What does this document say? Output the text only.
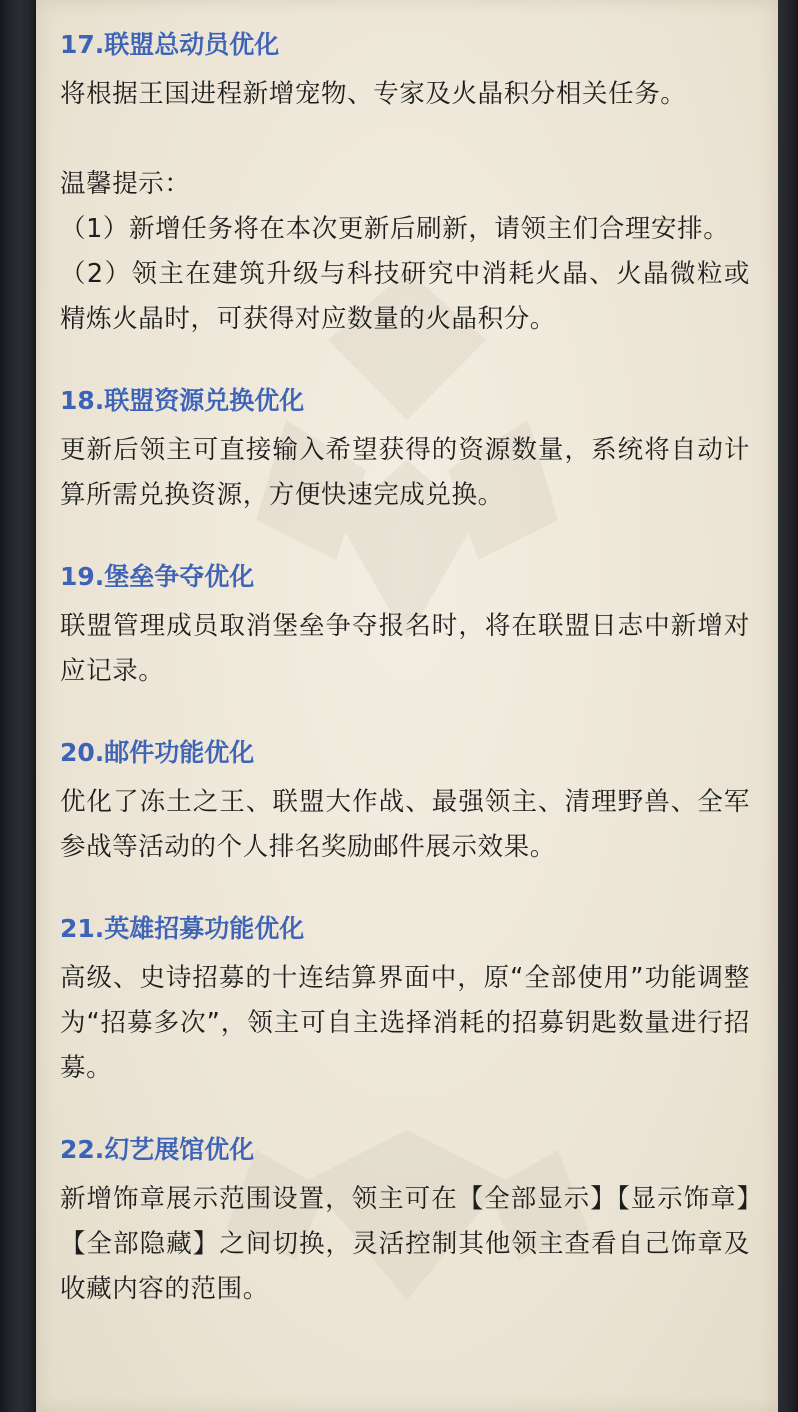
17.联盟总动员优化

将根据王国进程新增宠物、专家及火晶积分相关任务。

温馨提示：

（1）新增任务将在本次更新后刷新，请领主们合理安排。

（2）领主在建筑升级与科技研究中消耗火晶、火晶微粒或精炼火晶时，可获得对应数量的火晶积分。

18.联盟资源兑换优化

更新后领主可直接输入希望获得的资源数量，系统将自动计算所需兑换资源，方便快速完成兑换。

19.堡垒争夺优化

联盟管理成员取消堡垒争夺报名时，将在联盟日志中新增对应记录。

20.邮件功能优化

优化了冻土之王、联盟大作战、最强领主、清理野兽、全军参战等活动的个人排名奖励邮件展示效果。

21.英雄招募功能优化

高级、史诗招募的十连结算界面中，原“全部使用”功能调整为“招募多次”，领主可自主选择消耗的招募钥匙数量进行招募。

22.幻艺展馆优化

新增饰章展示范围设置，领主可在【全部显示】【显示饰章】【全部隐藏】之间切换，灵活控制其他领主查看自己饰章及收藏内容的范围。
